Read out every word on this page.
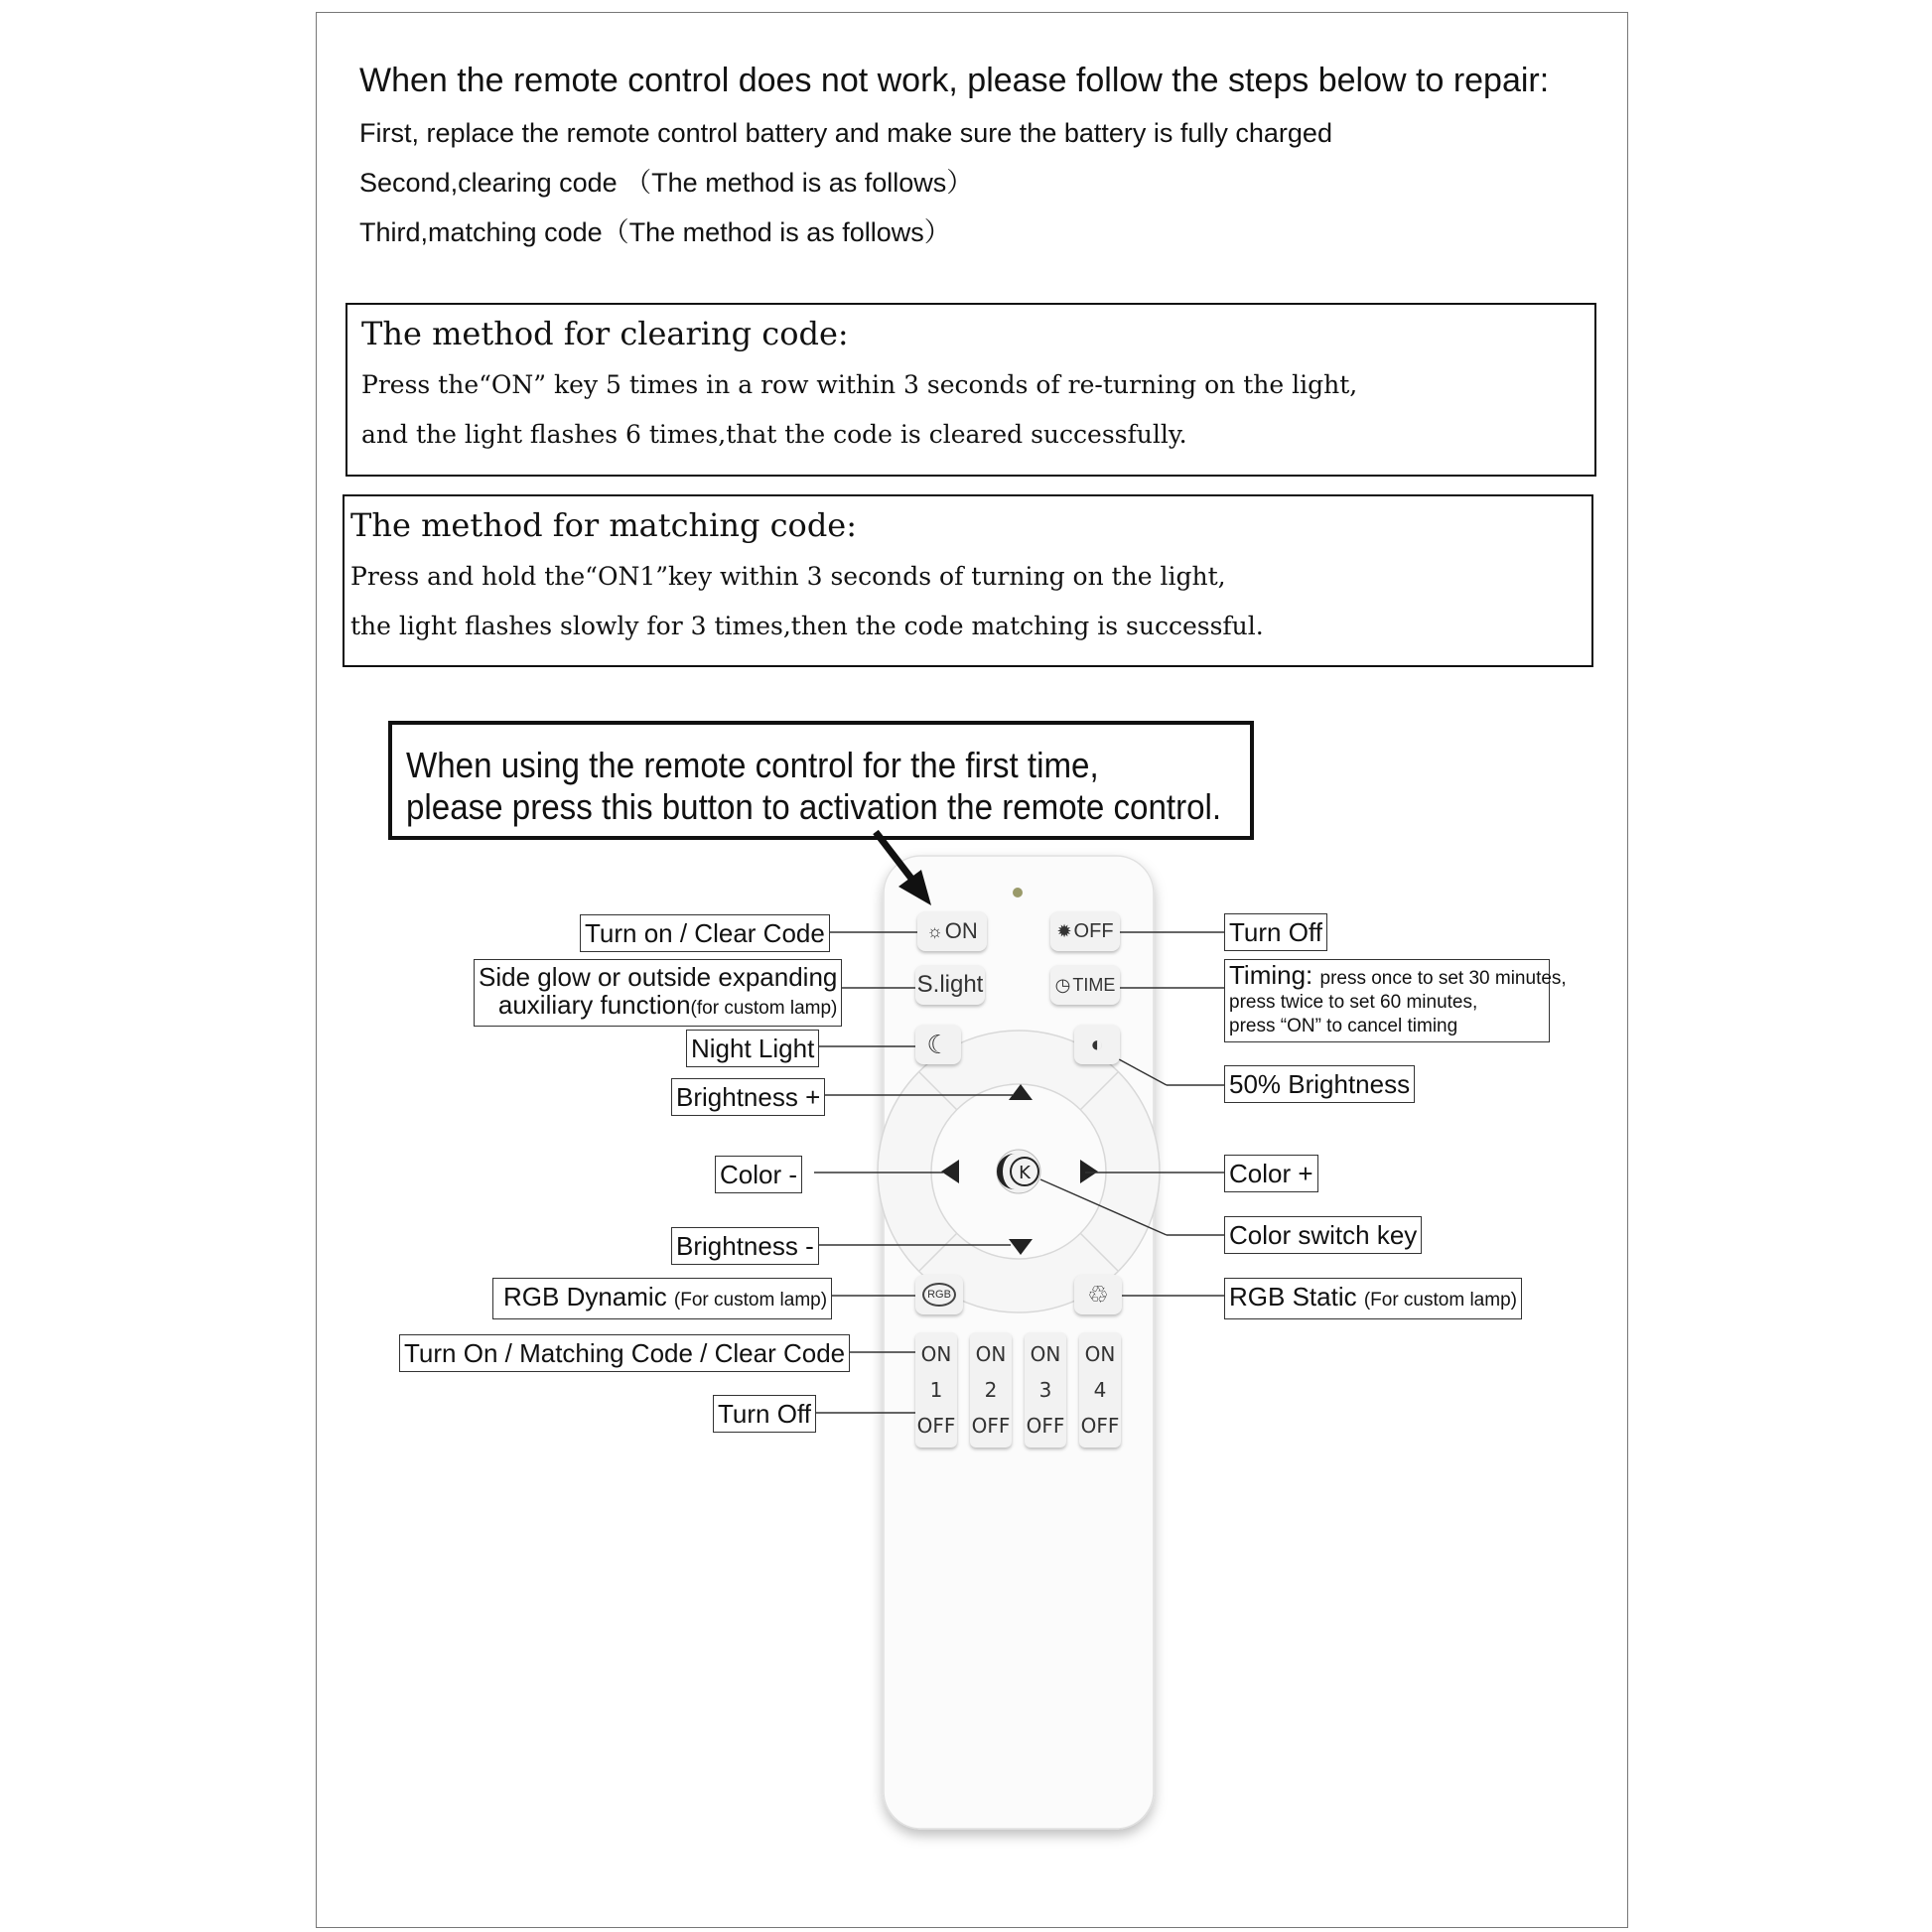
When the remote control does not work, please follow the steps below to repair:

First, replace the remote control battery and make sure the battery is fully charged

Second,clearing code （The method is as follows）

Third,matching code（The method is as follows）

The method for clearing code:

Press the“ON” key 5 times in a row within 3 seconds of re-turning on the light,

and the light flashes 6 times,that the code is cleared successfully.

The method for matching code:

Press and hold the“ON1”key within 3 seconds of turning on the light,

the light flashes slowly for 3 times,then the code matching is successful.

When using the remote control for the first time,

please press this button to activation the remote control.

K
☼ ON	✹ OFF
S.light	◷ TIME
☾	◐
RGB	♲
ON
1
OFF
ON
2
OFF
ON
3
OFF
ON
4
OFF
Turn on / Clear Code
Side glow or outside expanding
auxiliary function(for custom lamp)
Night Light
Brightness +
Color -
Brightness -
RGB Dynamic (For custom lamp)
Turn On / Matching Code / Clear Code
Turn Off
Turn Off
Timing: press once to set 30 minutes,
press twice to set 60 minutes,
press “ON” to cancel timing
50% Brightness
Color +
Color switch key
RGB Static (For custom lamp)
